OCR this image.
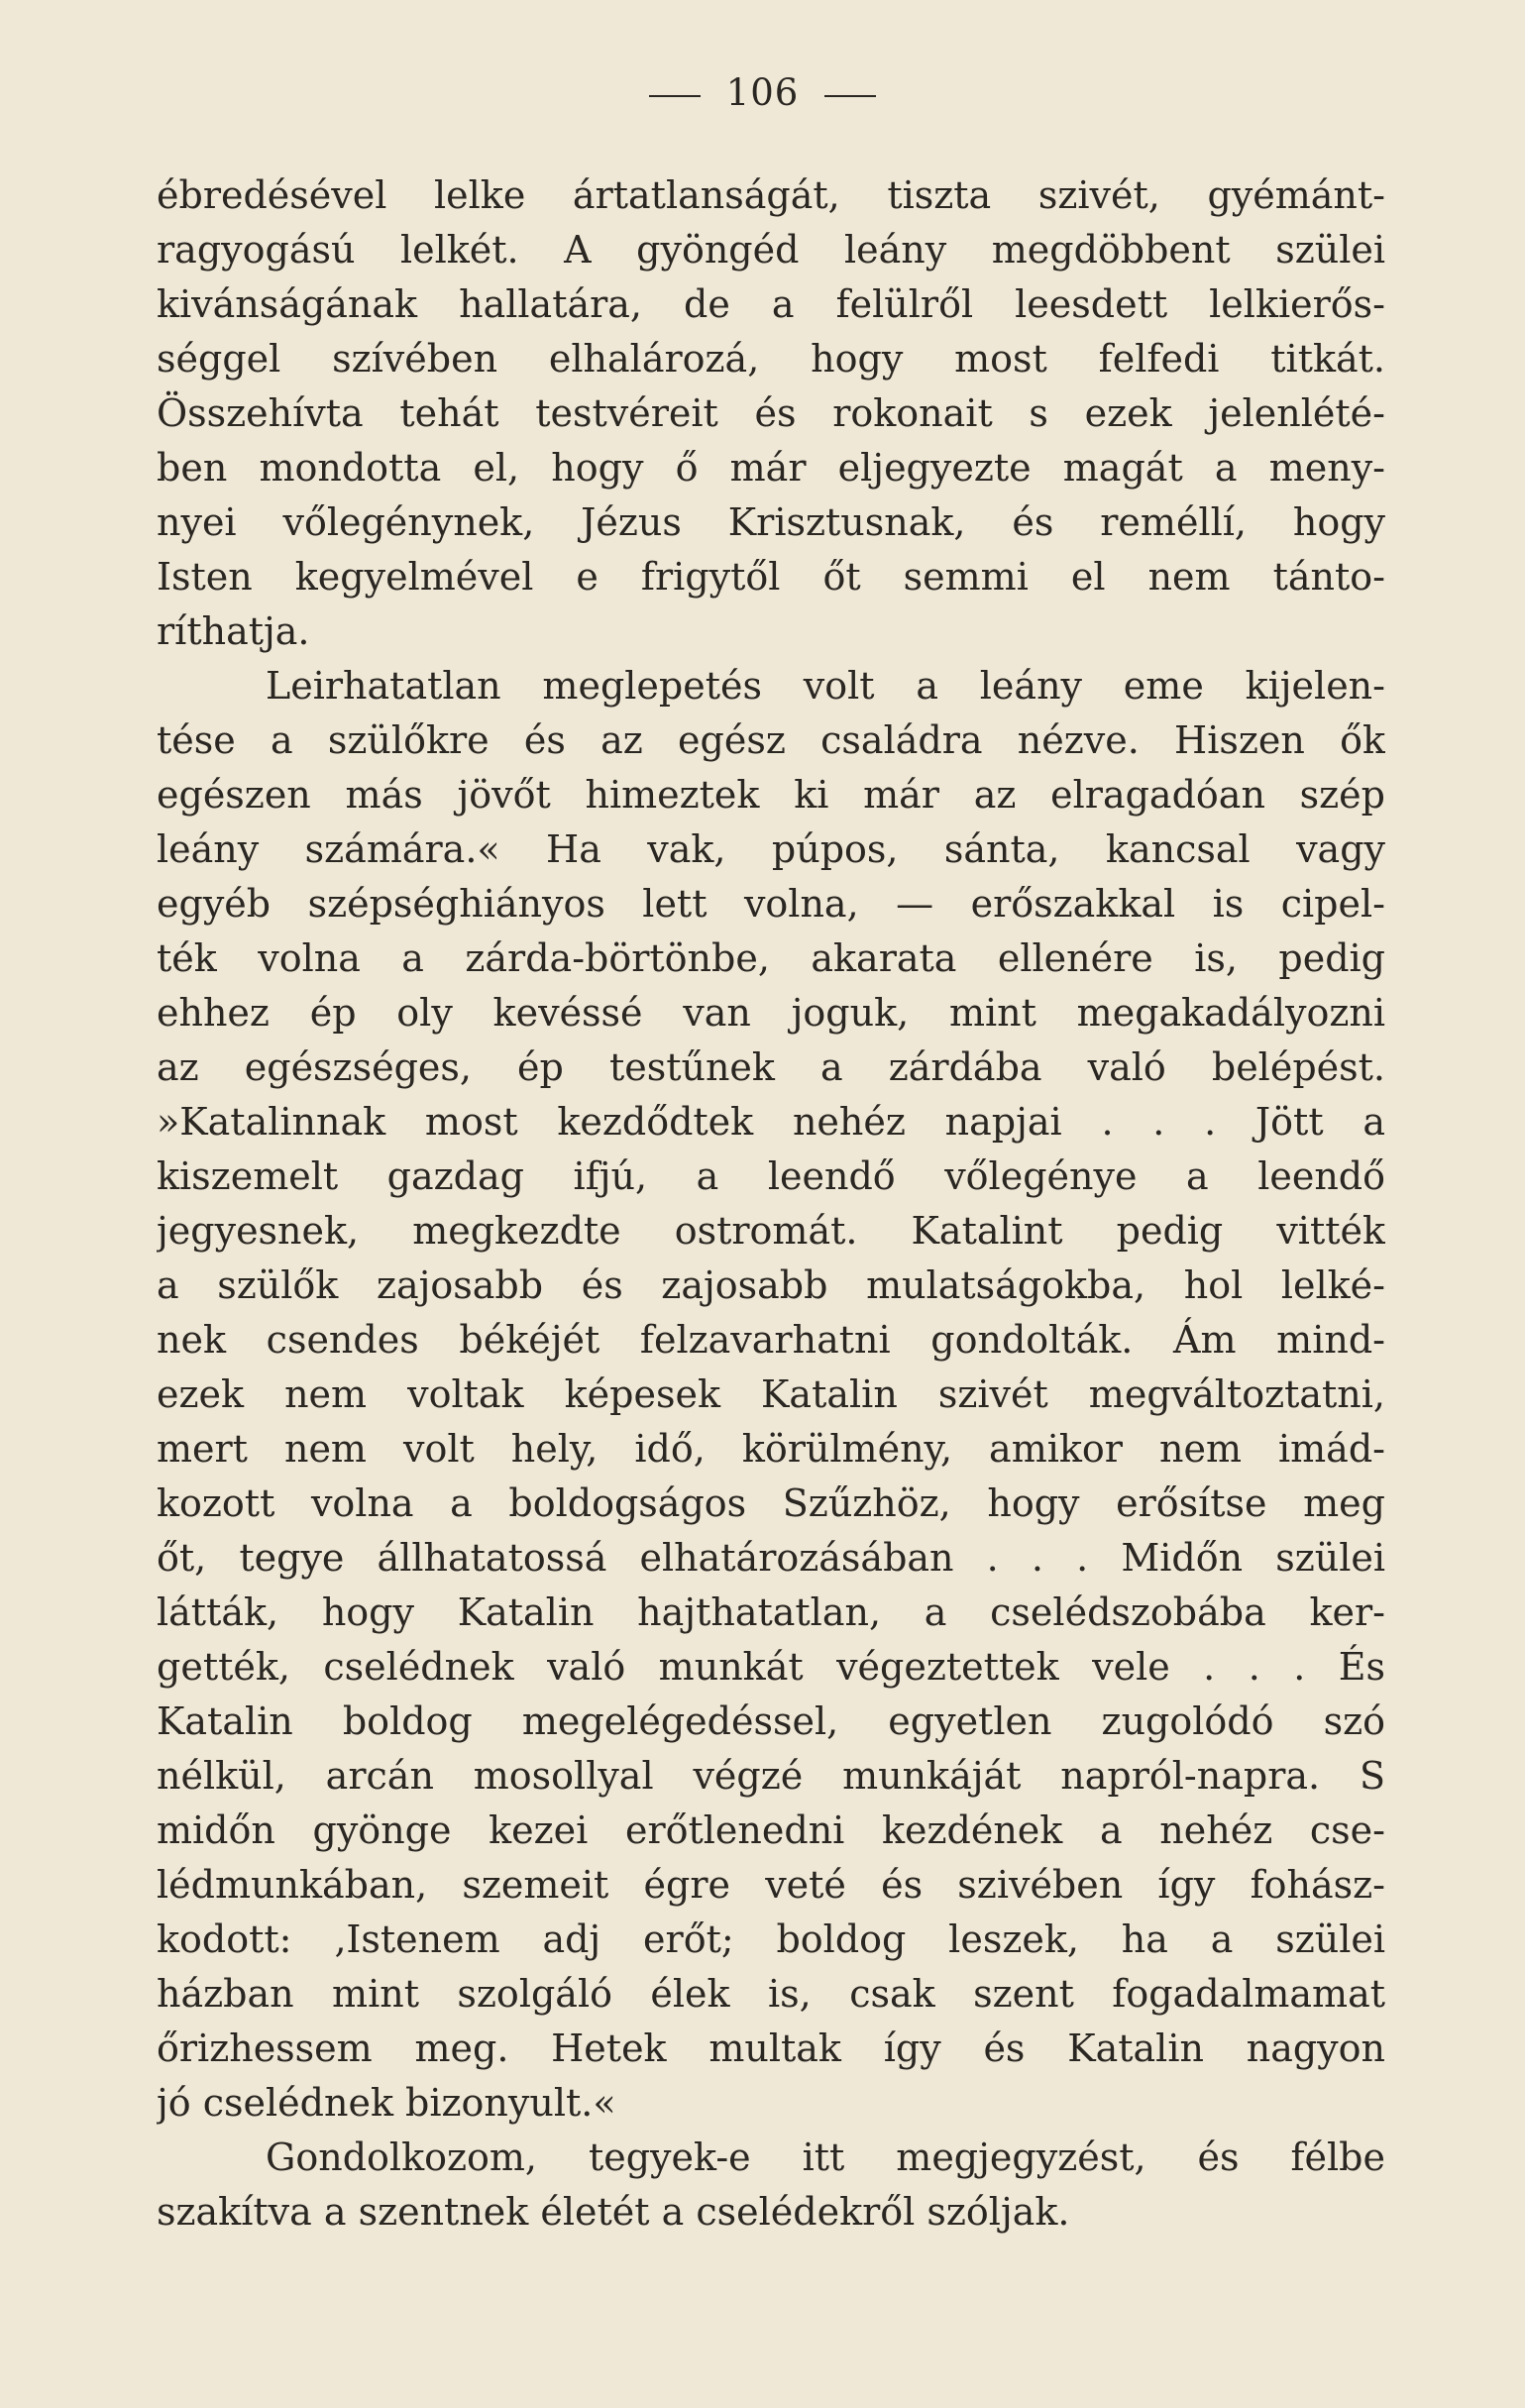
106
ébredésével lelke ártatlanságát, tiszta szivét, gyémánt-
ragyogású lelkét. A gyöngéd leány megdöbbent szülei
kivánságának hallatára, de a felülről leesdett lelkierős-
séggel szívében elhalározá, hogy most felfedi titkát.
Összehívta tehát testvéreit és rokonait s ezek jelenlété-
ben mondotta el, hogy ő már eljegyezte magát a meny-
nyei vőlegénynek, Jézus Krisztusnak, és reméllí, hogy
Isten kegyelmével e frigytől őt semmi el nem tánto-
ríthatja.
Leirhatatlan meglepetés volt a leány eme kijelen-
tése a szülőkre és az egész családra nézve. Hiszen ők
egészen más jövőt himeztek ki már az elragadóan szép
leány számára.« Ha vak, púpos, sánta, kancsal vagy
egyéb szépséghiányos lett volna, — erőszakkal is cipel-
ték volna a zárda-börtönbe, akarata ellenére is, pedig
ehhez ép oly kevéssé van joguk, mint megakadályozni
az egészséges, ép testűnek a zárdába való belépést.
»Katalinnak most kezdődtek nehéz napjai . . . Jött a
kiszemelt gazdag ifjú, a leendő vőlegénye a leendő
jegyesnek, megkezdte ostromát. Katalint pedig vitték
a szülők zajosabb és zajosabb mulatságokba, hol lelké-
nek csendes békéjét felzavarhatni gondolták. Ám mind-
ezek nem voltak képesek Katalin szivét megváltoztatni,
mert nem volt hely, idő, körülmény, amikor nem imád-
kozott volna a boldogságos Szűzhöz, hogy erősítse meg
őt, tegye állhatatossá elhatározásában . . . Midőn szülei
látták, hogy Katalin hajthatatlan, a cselédszobába ker-
gették, cselédnek való munkát végeztettek vele . . . És
Katalin boldog megelégedéssel, egyetlen zugolódó szó
nélkül, arcán mosollyal végzé munkáját napról-napra. S
midőn gyönge kezei erőtlenedni kezdének a nehéz cse-
lédmunkában, szemeit égre veté és szivében így fohász-
kodott: ‚Istenem adj erőt; boldog leszek, ha a szülei
házban mint szolgáló élek is, csak szent fogadalmamat
őrizhessem meg. Hetek multak így és Katalin nagyon
jó cselédnek bizonyult.«
Gondolkozom, tegyek-e itt megjegyzést, és félbe
szakítva a szentnek életét a cselédekről szóljak.
